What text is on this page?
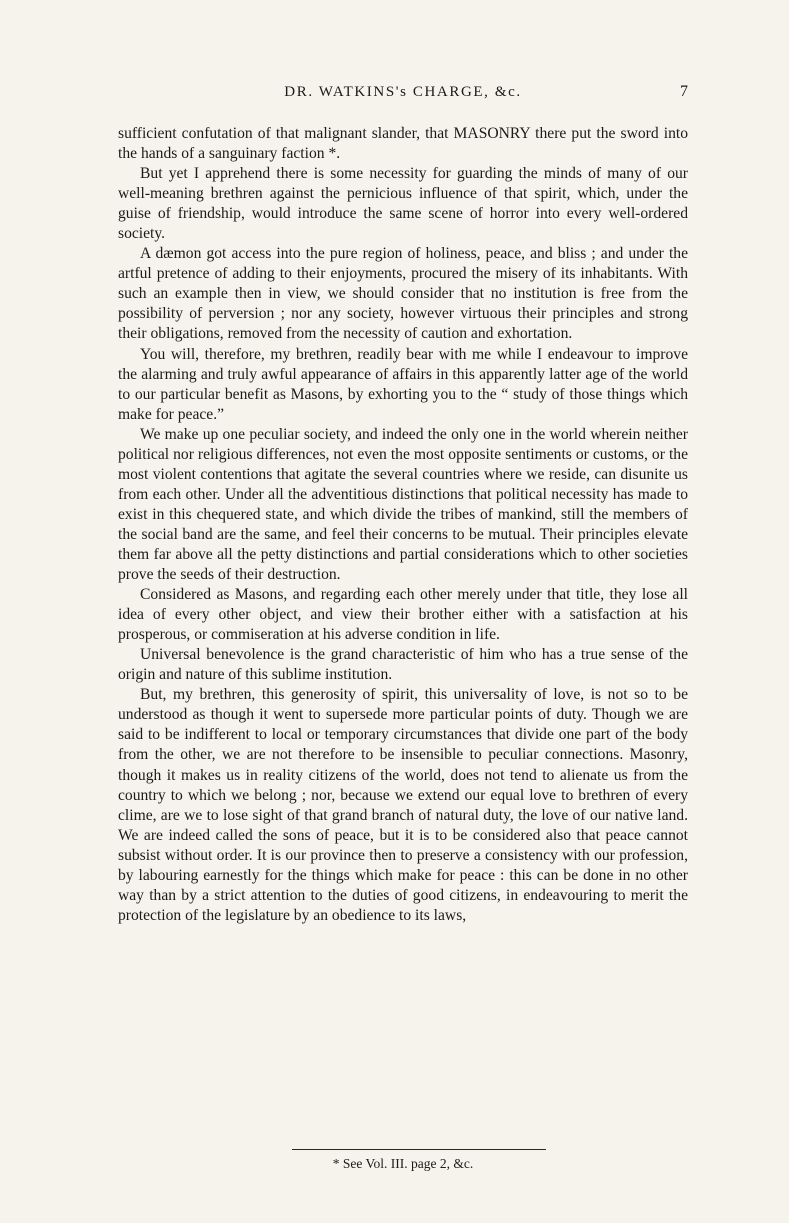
DR. WATKINS's CHARGE, &c.	7

sufficient confutation of that malignant slander, that MASONRY there put the sword into the hands of a sanguinary faction *.

But yet I apprehend there is some necessity for guarding the minds of many of our well-meaning brethren against the pernicious influence of that spirit, which, under the guise of friendship, would introduce the same scene of horror into every well-ordered society.

A dæmon got access into the pure region of holiness, peace, and bliss ; and under the artful pretence of adding to their enjoyments, procured the misery of its inhabitants. With such an example then in view, we should consider that no institution is free from the possibility of perversion ; nor any society, however virtuous their principles and strong their obligations, removed from the necessity of caution and exhortation.

You will, therefore, my brethren, readily bear with me while I endeavour to improve the alarming and truly awful appearance of affairs in this apparently latter age of the world to our particular benefit as Masons, by exhorting you to the “ study of those things which make for peace.”

We make up one peculiar society, and indeed the only one in the world wherein neither political nor religious differences, not even the most opposite sentiments or customs, or the most violent contentions that agitate the several countries where we reside, can disunite us from each other. Under all the adventitious distinctions that political necessity has made to exist in this chequered state, and which divide the tribes of mankind, still the members of the social band are the same, and feel their concerns to be mutual. Their principles elevate them far above all the petty distinctions and partial considerations which to other societies prove the seeds of their destruction.

Considered as Masons, and regarding each other merely under that title, they lose all idea of every other object, and view their brother either with a satisfaction at his prosperous, or commiseration at his adverse condition in life.

Universal benevolence is the grand characteristic of him who has a true sense of the origin and nature of this sublime institution.

But, my brethren, this generosity of spirit, this universality of love, is not so to be understood as though it went to supersede more particular points of duty. Though we are said to be indifferent to local or temporary circumstances that divide one part of the body from the other, we are not therefore to be insensible to peculiar connections. Masonry, though it makes us in reality citizens of the world, does not tend to alienate us from the country to which we belong ; nor, because we extend our equal love to brethren of every clime, are we to lose sight of that grand branch of natural duty, the love of our native land. We are indeed called the sons of peace, but it is to be considered also that peace cannot subsist without order. It is our province then to preserve a consistency with our profession, by labouring earnestly for the things which make for peace : this can be done in no other way than by a strict attention to the duties of good citizens, in endeavouring to merit the protection of the legislature by an obedience to its laws,

* See Vol. III. page 2, &c.
